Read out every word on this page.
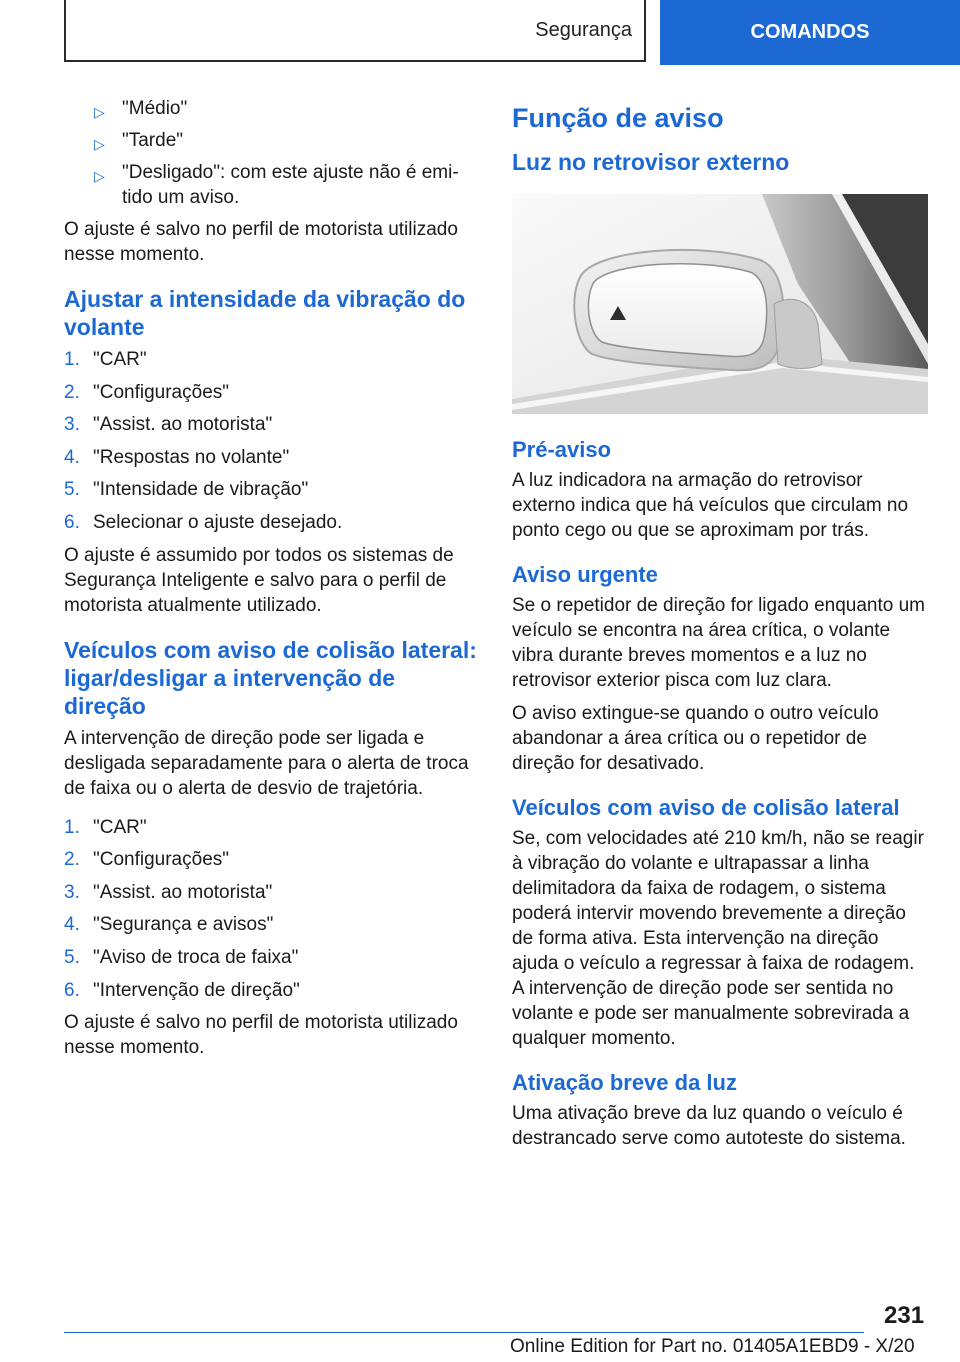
Segurança	COMANDOS
▷ "Médio"
▷ "Tarde"
▷ "Desligado": com este ajuste não é emi-
tido um aviso.

O ajuste é salvo no perfil de motorista utilizado nesse momento.

Ajustar a intensidade da vibração do volante
1. "CAR"
2. "Configurações"
3. "Assist. ao motorista"
4. "Respostas no volante"
5. "Intensidade de vibração"
6. Selecionar o ajuste desejado.

O ajuste é assumido por todos os sistemas de Segurança Inteligente e salvo para o perfil de motorista atualmente utilizado.

Veículos com aviso de colisão lateral: ligar/desligar a intervenção de direção

A intervenção de direção pode ser ligada e desligada separadamente para o alerta de troca de faixa ou o alerta de desvio de trajetória.

1. "CAR"
2. "Configurações"
3. "Assist. ao motorista"
4. "Segurança e avisos"
5. "Aviso de troca de faixa"
6. "Intervenção de direção"

O ajuste é salvo no perfil de motorista utilizado nesse momento.

Função de aviso
Luz no retrovisor externo
Pré-aviso

A luz indicadora na armação do retrovisor externo indica que há veículos que circulam no ponto cego ou que se aproximam por trás.

Aviso urgente

Se o repetidor de direção for ligado enquanto um veículo se encontra na área crítica, o volante vibra durante breves momentos e a luz no retrovisor exterior pisca com luz clara.

O aviso extingue-se quando o outro veículo abandonar a área crítica ou o repetidor de direção for desativado.

Veículos com aviso de colisão lateral

Se, com velocidades até 210 km/h, não se reagir à vibração do volante e ultrapassar a linha delimitadora da faixa de rodagem, o sistema poderá intervir movendo brevemente a direção de forma ativa. Esta intervenção na direção ajuda o veículo a regressar à faixa de rodagem. A intervenção de direção pode ser sentida no volante e pode ser manualmente sobrevirada a qualquer momento.

Ativação breve da luz

Uma ativação breve da luz quando o veículo é destrancado serve como autoteste do sistema.

231
Online Edition for Part no. 01405A1EBD9 - X/20
